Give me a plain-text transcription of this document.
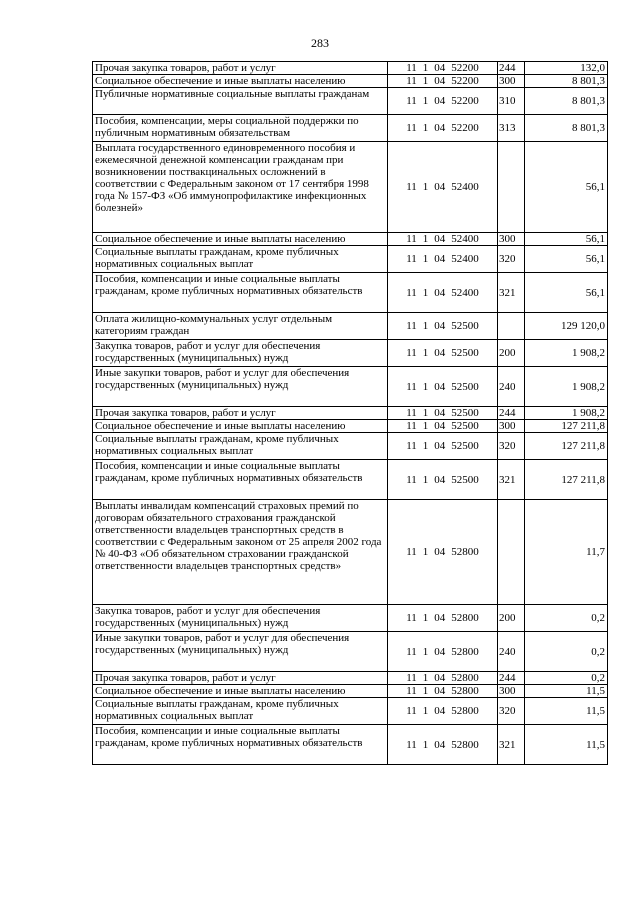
283
Прочая закупка товаров, работ и услуг	11 1 04 52200	244	132,0
Социальное обеспечение и иные выплаты населению	11 1 04 52200	300	8 801,3
Публичные нормативные социальные выплаты гражданам	11 1 04 52200	310	8 801,3
Пособия, компенсации, меры социальной поддержки по публичным нормативным обязательствам	11 1 04 52200	313	8 801,3
Выплата государственного единовременного пособия и ежемесячной денежной компенсации гражданам при возникновении поствакцинальных осложнений в соответствии с Федеральным законом от 17 сентября 1998 года № 157-ФЗ «Об иммунопрофилактике инфекционных болезней»	11 1 04 52400		56,1
Социальное обеспечение и иные выплаты населению	11 1 04 52400	300	56,1
Социальные выплаты гражданам, кроме публичных нормативных социальных выплат	11 1 04 52400	320	56,1
Пособия, компенсации и иные социальные выплаты гражданам, кроме публичных нормативных обязательств	11 1 04 52400	321	56,1
Оплата жилищно-коммунальных услуг отдельным категориям граждан	11 1 04 52500		129 120,0
Закупка товаров, работ и услуг для обеспечения государственных (муниципальных) нужд	11 1 04 52500	200	1 908,2
Иные закупки товаров, работ и услуг для обеспечения государственных (муниципальных) нужд	11 1 04 52500	240	1 908,2
Прочая закупка товаров, работ и услуг	11 1 04 52500	244	1 908,2
Социальное обеспечение и иные выплаты населению	11 1 04 52500	300	127 211,8
Социальные выплаты гражданам, кроме публичных нормативных социальных выплат	11 1 04 52500	320	127 211,8
Пособия, компенсации и иные социальные выплаты гражданам, кроме публичных нормативных обязательств	11 1 04 52500	321	127 211,8
Выплаты инвалидам компенсаций страховых премий по договорам обязательного страхования гражданской ответственности владельцев транспортных средств в соответствии с Федеральным законом от 25 апреля 2002 года № 40-ФЗ «Об обязательном страховании гражданской ответственности владельцев транспортных средств»	11 1 04 52800		11,7
Закупка товаров, работ и услуг для обеспечения государственных (муниципальных) нужд	11 1 04 52800	200	0,2
Иные закупки товаров, работ и услуг для обеспечения государственных (муниципальных) нужд	11 1 04 52800	240	0,2
Прочая закупка товаров, работ и услуг	11 1 04 52800	244	0,2
Социальное обеспечение и иные выплаты населению	11 1 04 52800	300	11,5
Социальные выплаты гражданам, кроме публичных нормативных социальных выплат	11 1 04 52800	320	11,5
Пособия, компенсации и иные социальные выплаты гражданам, кроме публичных нормативных обязательств	11 1 04 52800	321	11,5
